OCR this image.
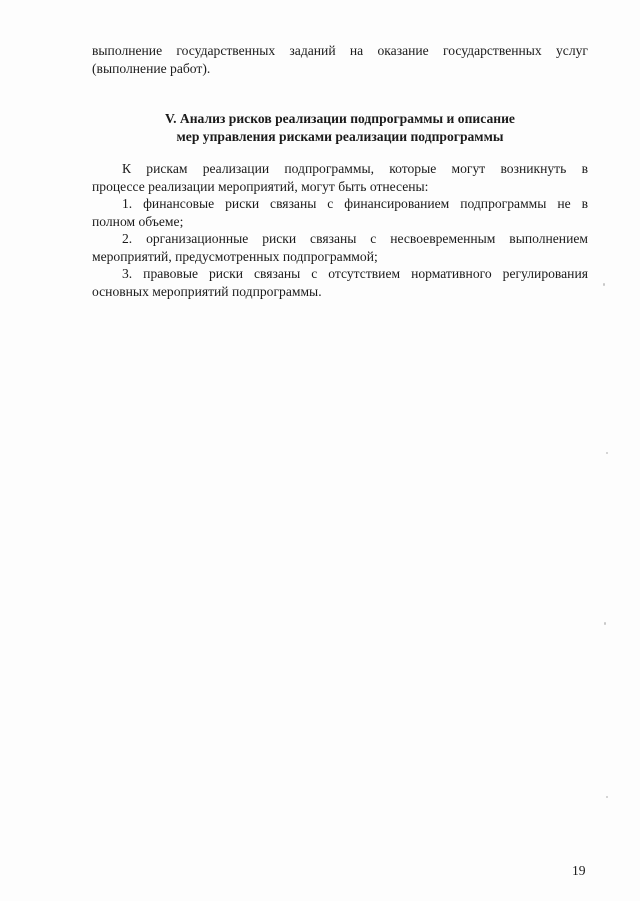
выполнение государственных заданий на оказание государственных услуг
(выполнение работ).
V. Анализ рисков реализации подпрограммы и описание
мер управления рисками реализации подпрограммы
К рискам реализации подпрограммы, которые могут возникнуть в
процессе реализации мероприятий, могут быть отнесены:
1. финансовые риски связаны с финансированием подпрограммы не в
полном объеме;
2. организационные риски связаны с несвоевременным выполнением
мероприятий, предусмотренных подпрограммой;
3. правовые риски связаны с отсутствием нормативного регулирования
основных мероприятий подпрограммы.
19
